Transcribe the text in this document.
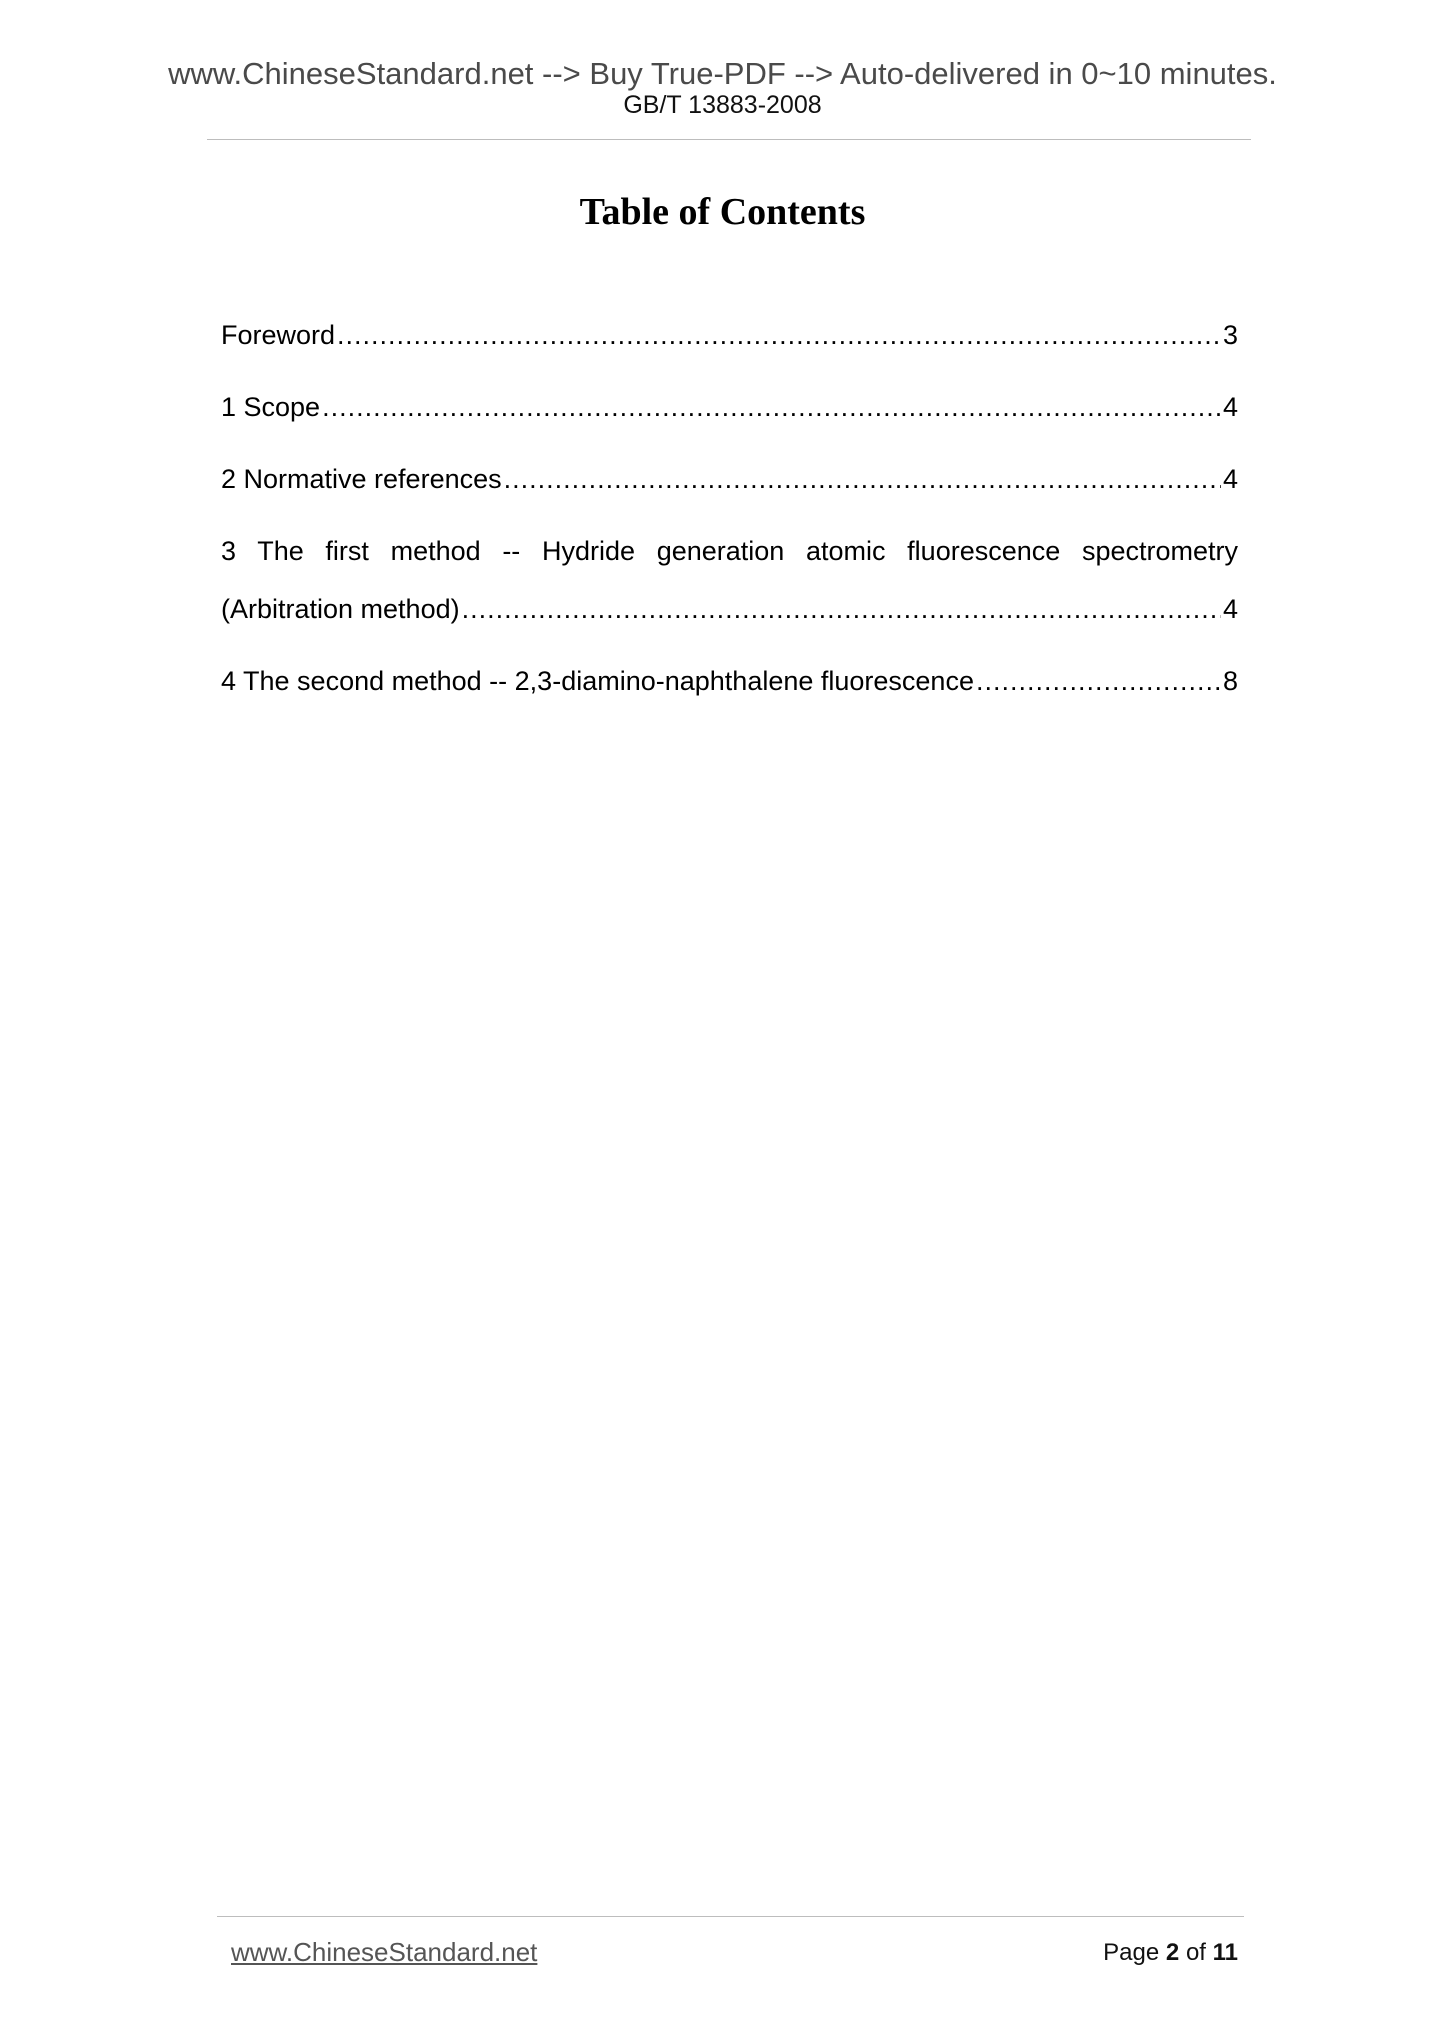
www.ChineseStandard.net --> Buy True-PDF --> Auto-delivered in 0~10 minutes.
GB/T 13883-2008
Table of Contents
Foreword .....	3
1 Scope .....	4
2 Normative references .....	4
3 The first method -- Hydride generation atomic fluorescence spectrometry
(Arbitration method) .....	4
4 The second method -- 2,3-diamino-naphthalene fluorescence .....	8
www.ChineseStandard.net	Page 2 of 11
